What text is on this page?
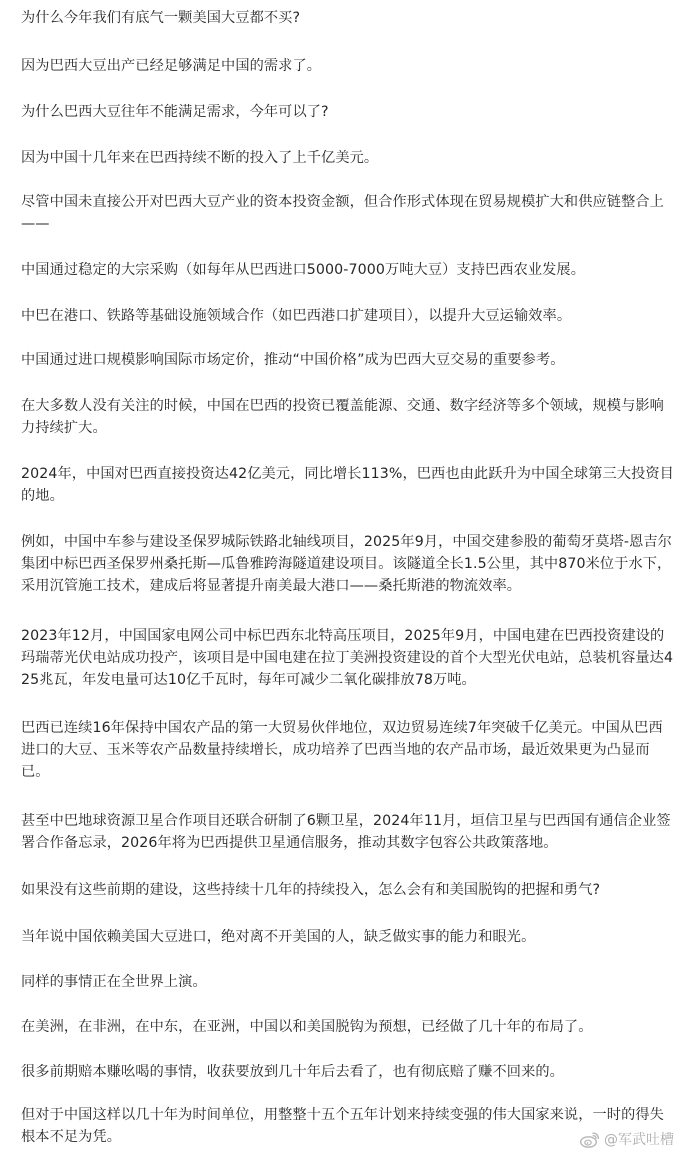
为什么今年我们有底气一颗美国大豆都不买?

因为巴西大豆出产已经足够满足中国的需求了。

为什么巴西大豆往年不能满足需求，今年可以了?

因为中国十几年来在巴西持续不断的投入了上千亿美元。

尽管中国未直接公开对巴西大豆产业的资本投资金额，但合作形式体现在贸易规模扩大和供应链整合上——

中国通过稳定的大宗采购（如每年从巴西进口5000-7000万吨大豆）支持巴西农业发展。

中巴在港口、铁路等基础设施领域合作（如巴西港口扩建项目），以提升大豆运输效率。

中国通过进口规模影响国际市场定价，推动“中国价格”成为巴西大豆交易的重要参考。

在大多数人没有关注的时候，中国在巴西的投资已覆盖能源、交通、数字经济等多个领域，规模与影响力持续扩大。

2024年，中国对巴西直接投资达42亿美元，同比增长113%，巴西也由此跃升为中国全球第三大投资目的地。

例如，中国中车参与建设圣保罗城际铁路北轴线项目，2025年9月，中国交建参股的葡萄牙莫塔-恩吉尔集团中标巴西圣保罗州桑托斯—瓜鲁雅跨海隧道建设项目。该隧道全长1.5公里，其中870米位于水下，采用沉管施工技术，建成后将显著提升南美最大港口——桑托斯港的物流效率。

2023年12月，中国国家电网公司中标巴西东北特高压项目，2025年9月，中国电建在巴西投资建设的玛瑞蒂光伏电站成功投产，该项目是中国电建在拉丁美洲投资建设的首个大型光伏电站，总装机容量达425兆瓦，年发电量可达10亿千瓦时，每年可减少二氧化碳排放78万吨。

巴西已连续16年保持中国农产品的第一大贸易伙伴地位，双边贸易连续7年突破千亿美元。中国从巴西进口的大豆、玉米等农产品数量持续增长，成功培养了巴西当地的农产品市场，最近效果更为凸显而已。

甚至中巴地球资源卫星合作项目还联合研制了6颗卫星，2024年11月，垣信卫星与巴西国有通信企业签署合作备忘录，2026年将为巴西提供卫星通信服务，推动其数字包容公共政策落地。

如果没有这些前期的建设，这些持续十几年的持续投入，怎么会有和美国脱钩的把握和勇气?

当年说中国依赖美国大豆进口，绝对离不开美国的人，缺乏做实事的能力和眼光。

同样的事情正在全世界上演。

在美洲，在非洲，在中东，在亚洲，中国以和美国脱钩为预想，已经做了几十年的布局了。

很多前期赔本赚吆喝的事情，收获要放到几十年后去看了，也有彻底赔了赚不回来的。

但对于中国这样以几十年为时间单位，用整整十五个五年计划来持续变强的伟大国家来说，一时的得失根本不足为凭。	@军武吐槽
